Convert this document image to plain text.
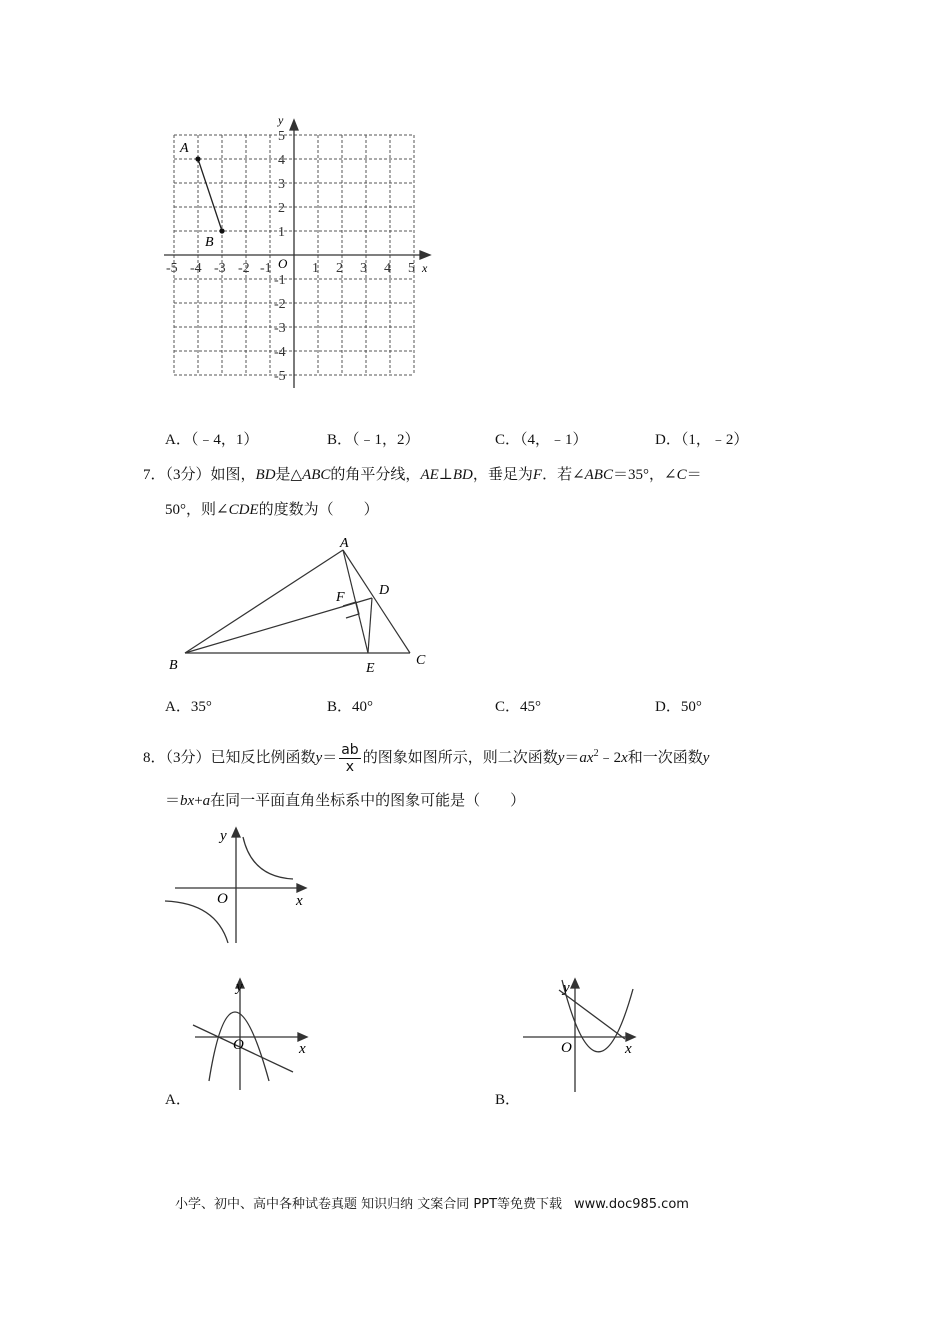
x
y
O
-5 -4 -3 -2 -1	1 2 3 4 5
5
4
3
2
1
-1
-2
-3
-4
-5
A
B
A．（﹣4，1）	B．（﹣1，2）	C．（4，﹣1）	D．（1，﹣2）
7．（3分）如图，BD是△ABC的角平分线，AE⊥BD，垂足为F．若∠ABC＝35°，∠C＝
50°，则∠CDE的度数为（　　）
A
B	C
D
E
F
A．35°	B．40°	C．45°	D．50°
8．（3分）已知反比例函数$y= \frac{ab}{x}$ 的图象如图所示，则二次函数$y=ax^2﹣2x$和一次函数y
＝bx+a在同一平面直角坐标系中的图象可能是（　　）
y
x
O
y
x
O
A．
y
x
O
B．
小学、初中、高中各种试卷真题 知识归纳 文案合同 PPT等免费下载 www.doc985.com
